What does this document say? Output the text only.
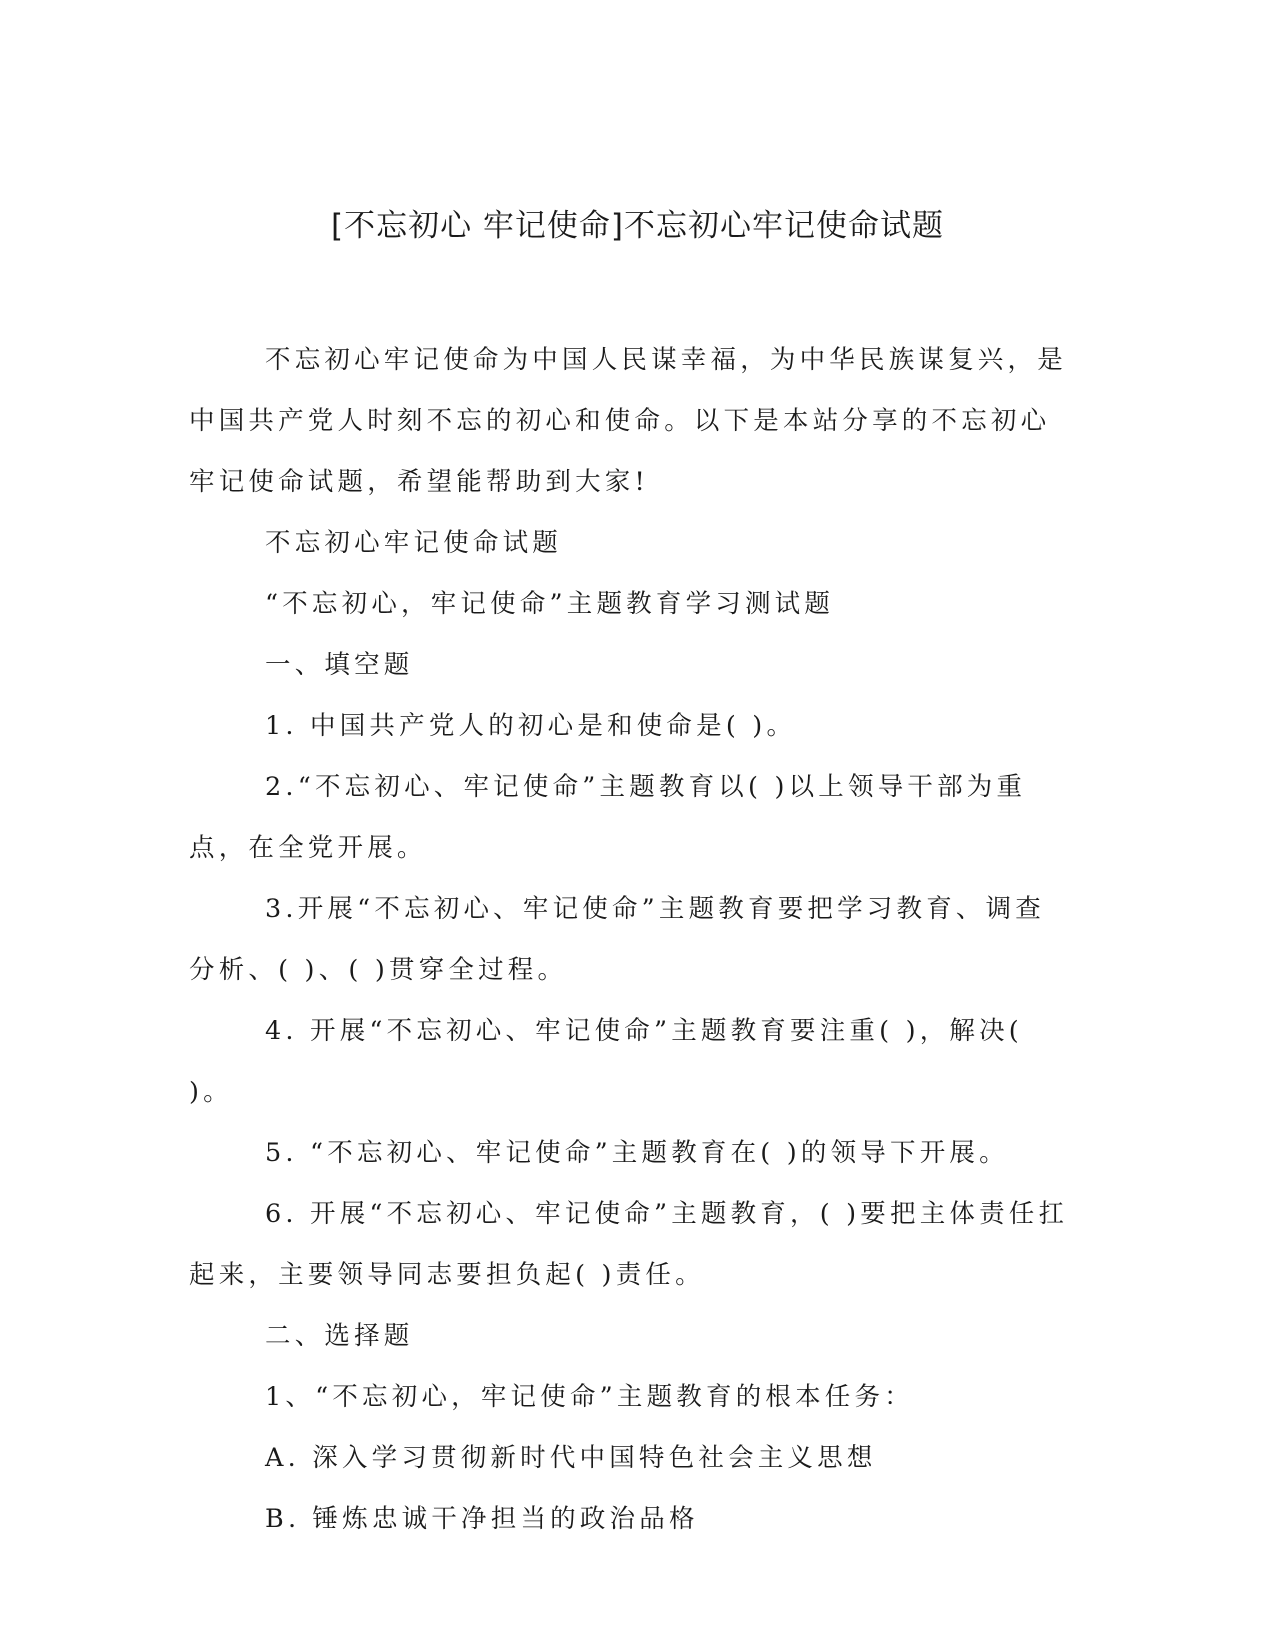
[不忘初心 牢记使命]不忘初心牢记使命试题

不忘初心牢记使命为中国人民谋幸福，为中华民族谋复兴，是中国共产党人时刻不忘的初心和使命。以下是本站分享的不忘初心牢记使命试题，希望能帮助到大家!

不忘初心牢记使命试题

“不忘初心，牢记使命”主题教育学习测试题

一、填空题

1. 中国共产党人的初心是和使命是( )。

2.“不忘初心、牢记使命”主题教育以( )以上领导干部为重点，在全党开展。

3.开展“不忘初心、牢记使命”主题教育要把学习教育、调查分析、( )、( )贯穿全过程。

4. 开展“不忘初心、牢记使命”主题教育要注重( )，解决( )。

5. “不忘初心、牢记使命”主题教育在( )的领导下开展。

6. 开展“不忘初心、牢记使命”主题教育，( )要把主体责任扛起来，主要领导同志要担负起( )责任。

二、选择题

1、“不忘初心，牢记使命”主题教育的根本任务：

A. 深入学习贯彻新时代中国特色社会主义思想

B. 锤炼忠诚干净担当的政治品格
